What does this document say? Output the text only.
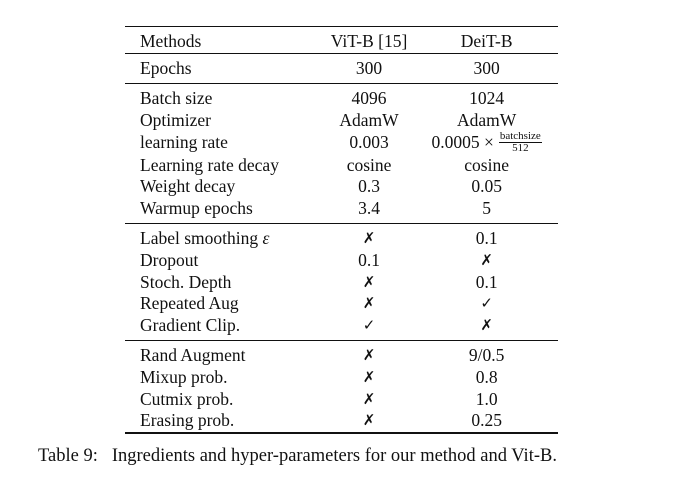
Methods	ViT-B [15]	DeiT-B
Epochs	300	300
Batch size	4096	1024
Optimizer	AdamW	AdamW
learning rate	0.003	$0.0005 \times \frac{\text{batchsize}}{512}$

Learning rate decay	cosine	cosine
Weight decay	0.3	0.05
Warmup epochs	3.4	5
Label smoothing ε	✗	0.1
Dropout	0.1	✗
Stoch. Depth	✗	0.1
Repeated Aug	✗	✓
Gradient Clip.	✓	✗
Rand Augment	✗	9/0.5
Mixup prob.	✗	0.8
Cutmix prob.	✗	1.0
Erasing prob.	✗	0.25
Table 9: Ingredients and hyper-parameters for our method and Vit-B.
